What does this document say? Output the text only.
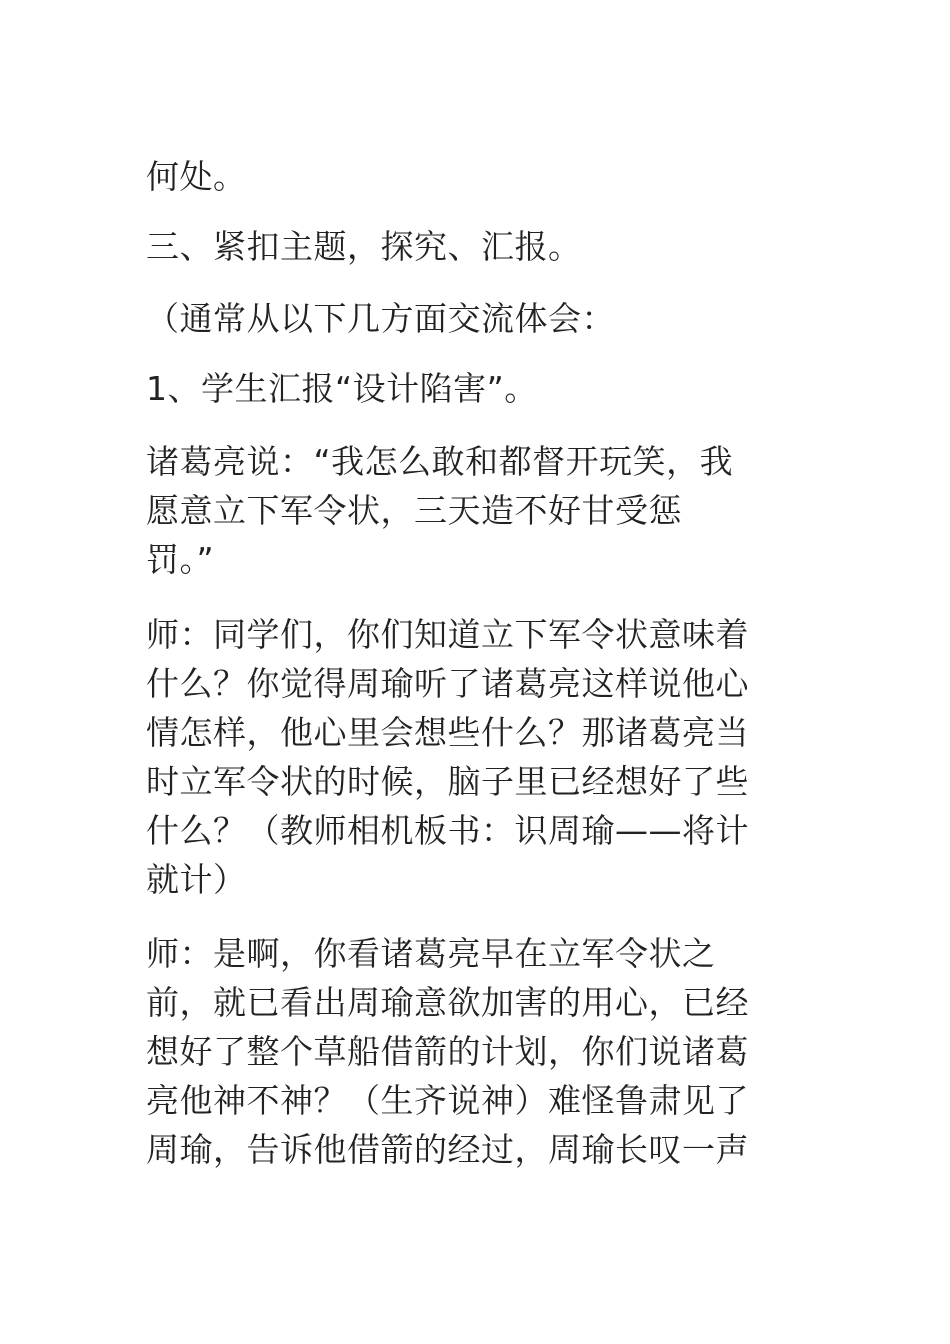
何处。

三、紧扣主题，探究、汇报。

（通常从以下几方面交流体会：

1、学生汇报“设计陷害”。

诸葛亮说：“我怎么敢和都督开玩笑，我
愿意立下军令状，三天造不好甘受惩
罚。”

师：同学们，你们知道立下军令状意味着
什么？你觉得周瑜听了诸葛亮这样说他心
情怎样，他心里会想些什么？那诸葛亮当
时立军令状的时候，脑子里已经想好了些
什么？（教师相机板书：识周瑜——将计
就计）

师：是啊，你看诸葛亮早在立军令状之
前，就已看出周瑜意欲加害的用心，已经
想好了整个草船借箭的计划，你们说诸葛
亮他神不神？（生齐说神）难怪鲁肃见了
周瑜，告诉他借箭的经过，周瑜长叹一声
